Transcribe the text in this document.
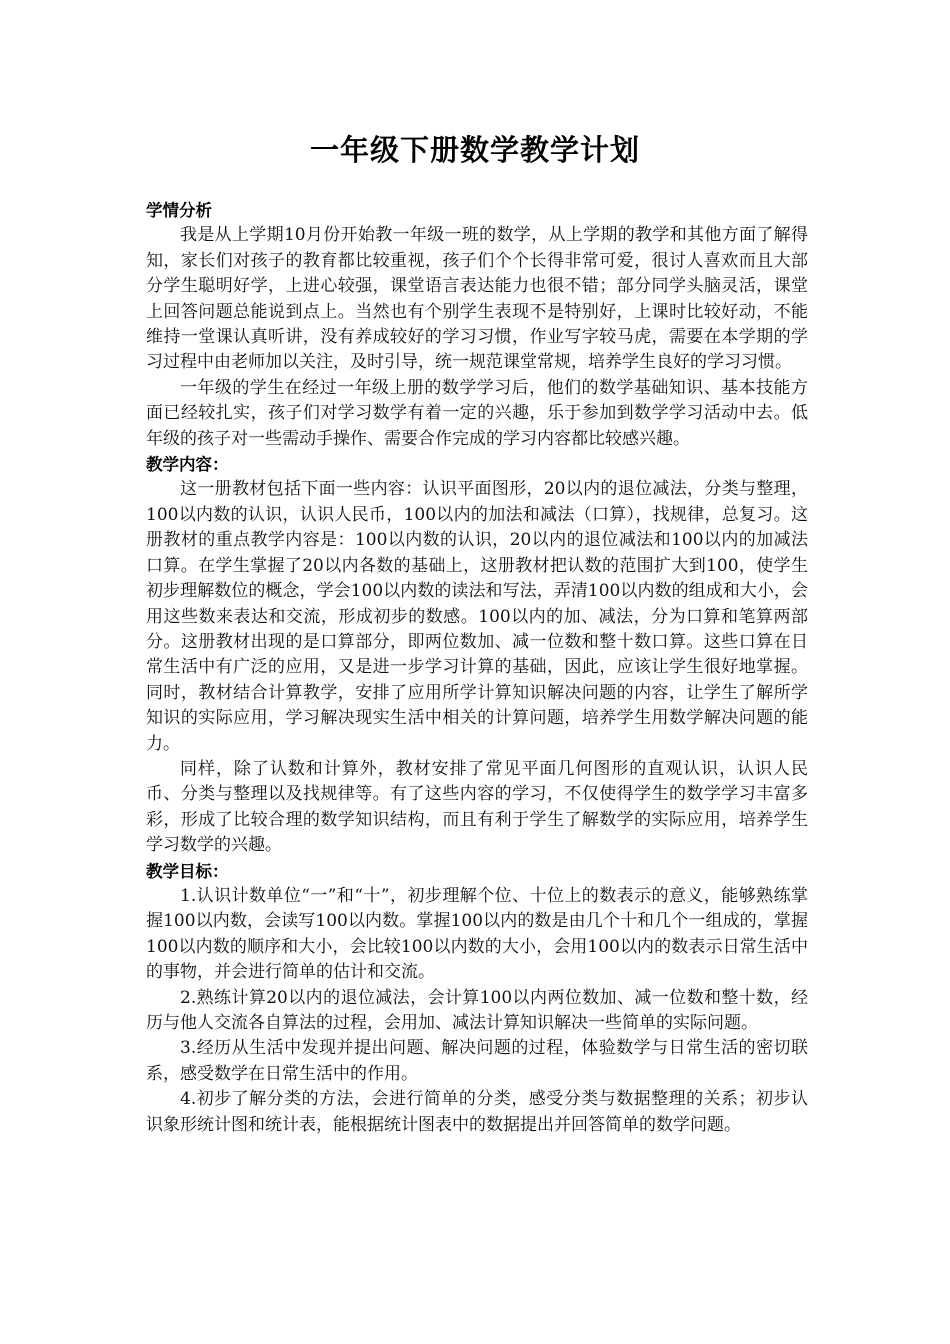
一年级下册数学教学计划

学情分析

我是从上学期10月份开始教一年级一班的数学，从上学期的教学和其他方面了解得知，家长们对孩子的教育都比较重视，孩子们个个长得非常可爱，很讨人喜欢而且大部分学生聪明好学，上进心较强，课堂语言表达能力也很不错；部分同学头脑灵活，课堂上回答问题总能说到点上。当然也有个别学生表现不是特别好，上课时比较好动，不能维持一堂课认真听讲，没有养成较好的学习习惯，作业写字较马虎，需要在本学期的学习过程中由老师加以关注，及时引导，统一规范课堂常规，培养学生良好的学习习惯。

一年级的学生在经过一年级上册的数学学习后，他们的数学基础知识、基本技能方面已经较扎实，孩子们对学习数学有着一定的兴趣，乐于参加到数学学习活动中去。低年级的孩子对一些需动手操作、需要合作完成的学习内容都比较感兴趣。

教学内容：

这一册教材包括下面一些内容：认识平面图形，20以内的退位减法，分类与整理，100以内数的认识，认识人民币，100以内的加法和减法（口算），找规律，总复习。这册教材的重点教学内容是：100以内数的认识，20以内的退位减法和100以内的加减法口算。在学生掌握了20以内各数的基础上，这册教材把认数的范围扩大到100，使学生初步理解数位的概念，学会100以内数的读法和写法，弄清100以内数的组成和大小，会用这些数来表达和交流，形成初步的数感。100以内的加、减法，分为口算和笔算两部分。这册教材出现的是口算部分，即两位数加、减一位数和整十数口算。这些口算在日常生活中有广泛的应用，又是进一步学习计算的基础，因此，应该让学生很好地掌握。同时，教材结合计算教学，安排了应用所学计算知识解决问题的内容，让学生了解所学知识的实际应用，学习解决现实生活中相关的计算问题，培养学生用数学解决问题的能力。

同样，除了认数和计算外，教材安排了常见平面几何图形的直观认识，认识人民币、分类与整理以及找规律等。有了这些内容的学习，不仅使得学生的数学学习丰富多彩，形成了比较合理的数学知识结构，而且有利于学生了解数学的实际应用，培养学生学习数学的兴趣。

教学目标：

1.认识计数单位“一”和“十”，初步理解个位、十位上的数表示的意义，能够熟练掌握100以内数，会读写100以内数。掌握100以内的数是由几个十和几个一组成的，掌握100以内数的顺序和大小，会比较100以内数的大小，会用100以内的数表示日常生活中的事物，并会进行简单的估计和交流。

2.熟练计算20以内的退位减法，会计算100以内两位数加、减一位数和整十数，经历与他人交流各自算法的过程，会用加、减法计算知识解决一些简单的实际问题。

3.经历从生活中发现并提出问题、解决问题的过程，体验数学与日常生活的密切联系，感受数学在日常生活中的作用。

4.初步了解分类的方法，会进行简单的分类，感受分类与数据整理的关系；初步认识象形统计图和统计表，能根据统计图表中的数据提出并回答简单的数学问题。
